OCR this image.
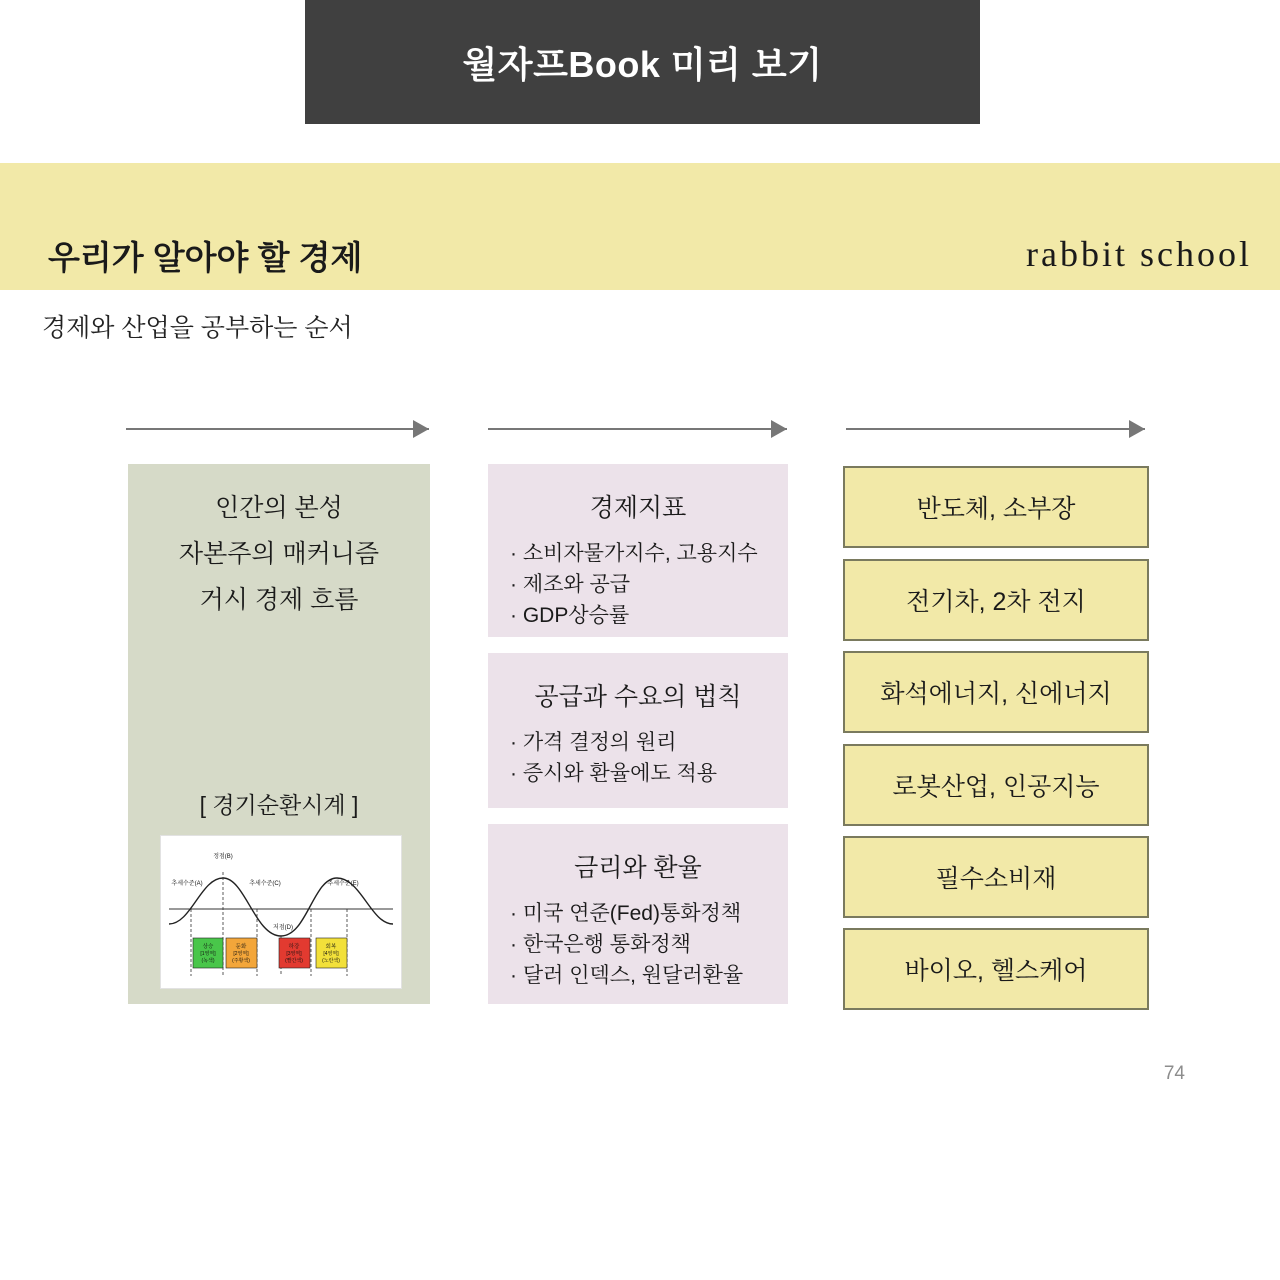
월자프Book 미리 보기
우리가 알아야 할 경제	rabbit school
경제와 산업을 공부하는 순서
인간의 본성
자본주의 매커니즘
거시 경제 흐름
[ 경기순환시계 ]
정점(B)
저점(D)
추세수준(A)	추세수준(C)	추세수준(E)
상승
[1영역]
(녹색)
둔화
[2영역]
(주황색)
하강
[3영역]
(빨간색)
회복
[4영역]
(노란색)
경제지표
· 소비자물가지수, 고용지수
· 제조와 공급
· GDP상승률
공급과 수요의 법칙
· 가격 결정의 원리
· 증시와 환율에도 적용
금리와 환율
· 미국 연준(Fed)통화정책
· 한국은행 통화정책
· 달러 인덱스, 원달러환율
반도체, 소부장
전기차, 2차 전지
화석에너지, 신에너지
로봇산업, 인공지능
필수소비재
바이오, 헬스케어
74
